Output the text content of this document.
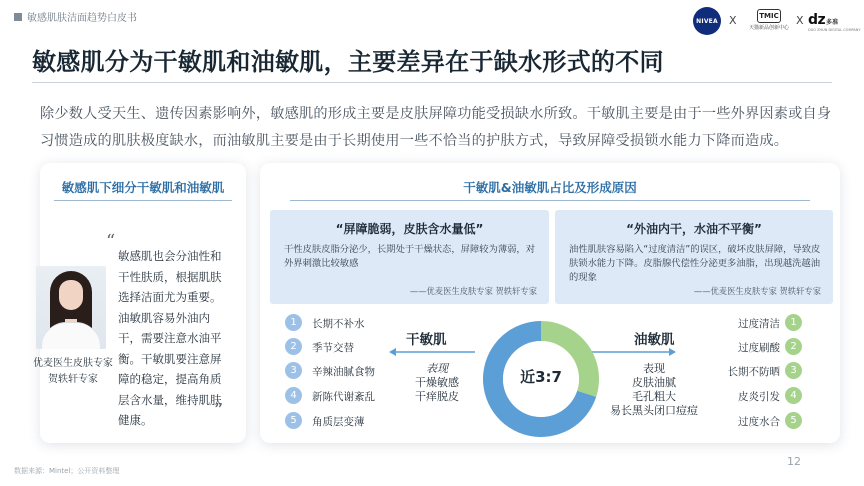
敏感肌肤洁面趋势白皮书	NIVEA X	TMIC
天猫新品创新中心
X dz多准
DUO ZHUN DIGITAL COMPANY
敏感肌分为干敏肌和油敏肌，主要差异在于缺水形式的不同
除少数人受天生、遗传因素影响外，敏感肌的形成主要是皮肤屏障功能受损缺水所致。干敏肌主要是由于一些外界因素或自身习惯造成的肌肤极度缺水，而油敏肌主要是由于长期使用一些不恰当的护肤方式，导致屏障受损锁水能力下降而造成。
敏感肌下细分干敏肌和油敏肌
“
敏感肌也会分油性和干性肤质，根据肌肤选择洁面尤为重要。油敏肌容易外油内干，需要注意水油平衡。干敏肌要注意屏障的稳定，提高角质层含水量，维持肌肤健康。	”
优麦医生皮肤专家
贺轶轩专家
干敏肌&油敏肌占比及形成原因
“屏障脆弱，皮肤含水量低”
干性皮肤皮脂分泌少，长期处于干燥状态，屏障较为薄弱，对外界刺激比较敏感
——优麦医生皮肤专家 贺轶轩专家
“外油内干，水油不平衡”
油性肌肤容易陷入“过度清洁”的误区，破坏皮肤屏障，导致皮肤锁水能力下降。皮脂腺代偿性分泌更多油脂，出现越洗越油的现象
——优麦医生皮肤专家 贺轶轩专家
1	长期不补水
2	季节交替
3	辛辣油腻食物
4	新陈代谢紊乱
5	角质层变薄
过度清洁	1
过度刷酸	2
长期不防晒	3
皮炎引发	4
过度水合	5
干敏肌	油敏肌
表现
干燥敏感
干痒脱皮
表现
皮肤油腻
毛孔粗大
易长黑头闭口痘痘
近3:7
12
数据来源：Mintel；公开资料整理
